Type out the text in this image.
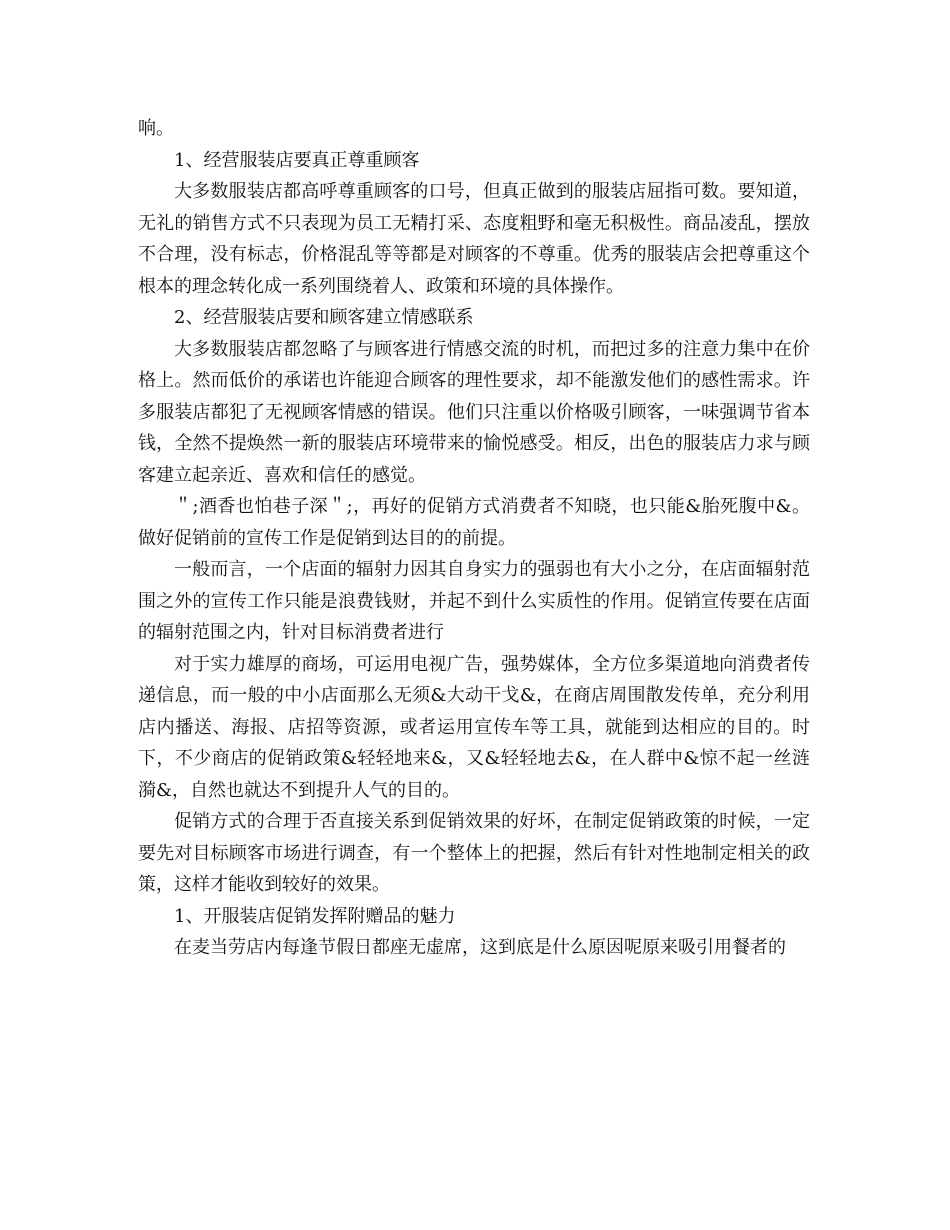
响。

1、经营服装店要真正尊重顾客

大多数服装店都高呼尊重顾客的口号，但真正做到的服装店屈指可数。要知道，无礼的销售方式不只表现为员工无精打采、态度粗野和毫无积极性。商品凌乱，摆放不合理，没有标志，价格混乱等等都是对顾客的不尊重。优秀的服装店会把尊重这个根本的理念转化成一系列围绕着人、政策和环境的具体操作。

2、经营服装店要和顾客建立情感联系

大多数服装店都忽略了与顾客进行情感交流的时机，而把过多的注意力集中在价格上。然而低价的承诺也许能迎合顾客的理性要求，却不能激发他们的感性需求。许多服装店都犯了无视顾客情感的错误。他们只注重以价格吸引顾客，一味强调节省本钱，全然不提焕然一新的服装店环境带来的愉悦感受。相反，出色的服装店力求与顾客建立起亲近、喜欢和信任的感觉。

＂;酒香也怕巷子深＂;，再好的促销方式消费者不知晓，也只能&胎死腹中&。做好促销前的宣传工作是促销到达目的的前提。

一般而言，一个店面的辐射力因其自身实力的强弱也有大小之分，在店面辐射范围之外的宣传工作只能是浪费钱财，并起不到什么实质性的作用。促销宣传要在店面的辐射范围之内，针对目标消费者进行

对于实力雄厚的商场，可运用电视广告，强势媒体，全方位多渠道地向消费者传递信息，而一般的中小店面那么无须&大动干戈&，在商店周围散发传单，充分利用店内播送、海报、店招等资源，或者运用宣传车等工具，就能到达相应的目的。时下，不少商店的促销政策&轻轻地来&，又&轻轻地去&，在人群中&惊不起一丝涟漪&，自然也就达不到提升人气的目的。

促销方式的合理于否直接关系到促销效果的好坏，在制定促销政策的时候，一定要先对目标顾客市场进行调查，有一个整体上的把握，然后有针对性地制定相关的政策，这样才能收到较好的效果。

1、开服装店促销发挥附赠品的魅力

在麦当劳店内每逢节假日都座无虚席，这到底是什么原因呢原来吸引用餐者的
